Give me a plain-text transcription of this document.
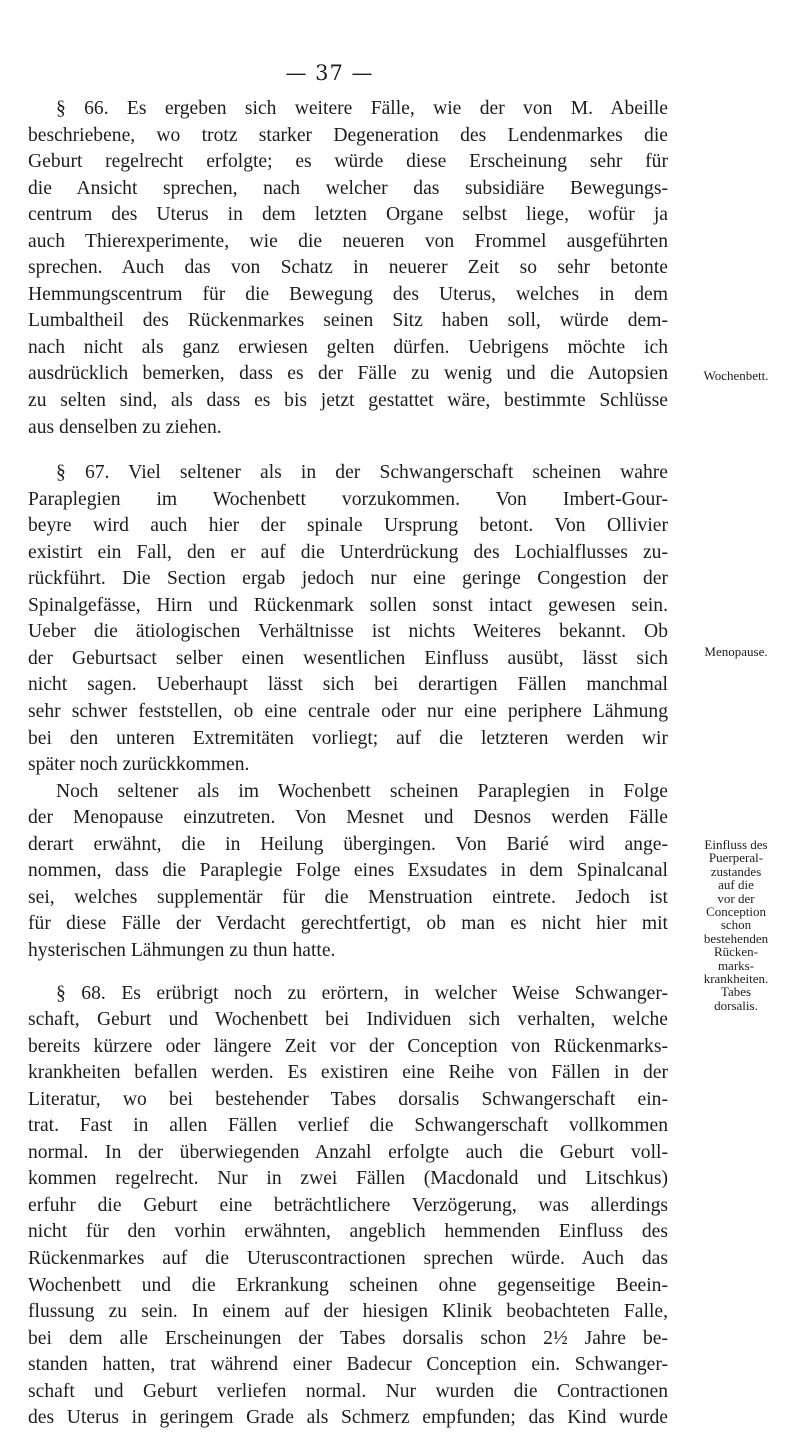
— 37 —

§ 66. Es ergeben sich weitere Fälle, wie der von M. Abeille
beschriebene, wo trotz starker Degeneration des Lendenmarkes die
Geburt regelrecht erfolgte; es würde diese Erscheinung sehr für
die Ansicht sprechen, nach welcher das subsidiäre Bewegungs-
centrum des Uterus in dem letzten Organe selbst liege, wofür ja
auch Thierexperimente, wie die neueren von Frommel ausgeführten
sprechen. Auch das von Schatz in neuerer Zeit so sehr betonte
Hemmungscentrum für die Bewegung des Uterus, welches in dem
Lumbaltheil des Rückenmarkes seinen Sitz haben soll, würde dem-
nach nicht als ganz erwiesen gelten dürfen. Uebrigens möchte ich
ausdrücklich bemerken, dass es der Fälle zu wenig und die Autopsien
zu selten sind, als dass es bis jetzt gestattet wäre, bestimmte Schlüsse
aus denselben zu ziehen.

§ 67. Viel seltener als in der Schwangerschaft scheinen wahre
Paraplegien im Wochenbett vorzukommen. Von Imbert-Gour-
beyre wird auch hier der spinale Ursprung betont. Von Ollivier
existirt ein Fall, den er auf die Unterdrückung des Lochialflusses zu-
rückführt. Die Section ergab jedoch nur eine geringe Congestion der
Spinalgefässe, Hirn und Rückenmark sollen sonst intact gewesen sein.
Ueber die ätiologischen Verhältnisse ist nichts Weiteres bekannt. Ob
der Geburtsact selber einen wesentlichen Einfluss ausübt, lässt sich
nicht sagen. Ueberhaupt lässt sich bei derartigen Fällen manchmal
sehr schwer feststellen, ob eine centrale oder nur eine periphere Lähmung
bei den unteren Extremitäten vorliegt; auf die letzteren werden wir
später noch zurückkommen.

Noch seltener als im Wochenbett scheinen Paraplegien in Folge
der Menopause einzutreten. Von Mesnet und Desnos werden Fälle
derart erwähnt, die in Heilung übergingen. Von Barié wird ange-
nommen, dass die Paraplegie Folge eines Exsudates in dem Spinalcanal
sei, welches supplementär für die Menstruation eintrete. Jedoch ist
für diese Fälle der Verdacht gerechtfertigt, ob man es nicht hier mit
hysterischen Lähmungen zu thun hatte.

§ 68. Es erübrigt noch zu erörtern, in welcher Weise Schwanger-
schaft, Geburt und Wochenbett bei Individuen sich verhalten, welche
bereits kürzere oder längere Zeit vor der Conception von Rückenmarks-
krankheiten befallen werden. Es existiren eine Reihe von Fällen in der
Literatur, wo bei bestehender Tabes dorsalis Schwangerschaft ein-
trat. Fast in allen Fällen verlief die Schwangerschaft vollkommen
normal. In der überwiegenden Anzahl erfolgte auch die Geburt voll-
kommen regelrecht. Nur in zwei Fällen (Macdonald und Litschkus)
erfuhr die Geburt eine beträchtlichere Verzögerung, was allerdings
nicht für den vorhin erwähnten, angeblich hemmenden Einfluss des
Rückenmarkes auf die Uteruscontractionen sprechen würde. Auch das
Wochenbett und die Erkrankung scheinen ohne gegenseitige Beein-
flussung zu sein. In einem auf der hiesigen Klinik beobachteten Falle,
bei dem alle Erscheinungen der Tabes dorsalis schon 2½ Jahre be-
standen hatten, trat während einer Badecur Conception ein. Schwanger-
schaft und Geburt verliefen normal. Nur wurden die Contractionen
des Uterus in geringem Grade als Schmerz empfunden; das Kind wurde

Wochenbett.
Menopause.
Einfluss des
Puerperal-
zustandes
auf die
vor der
Conception
schon
bestehenden
Rücken-
marks-
krankheiten.
Tabes
dorsalis.
